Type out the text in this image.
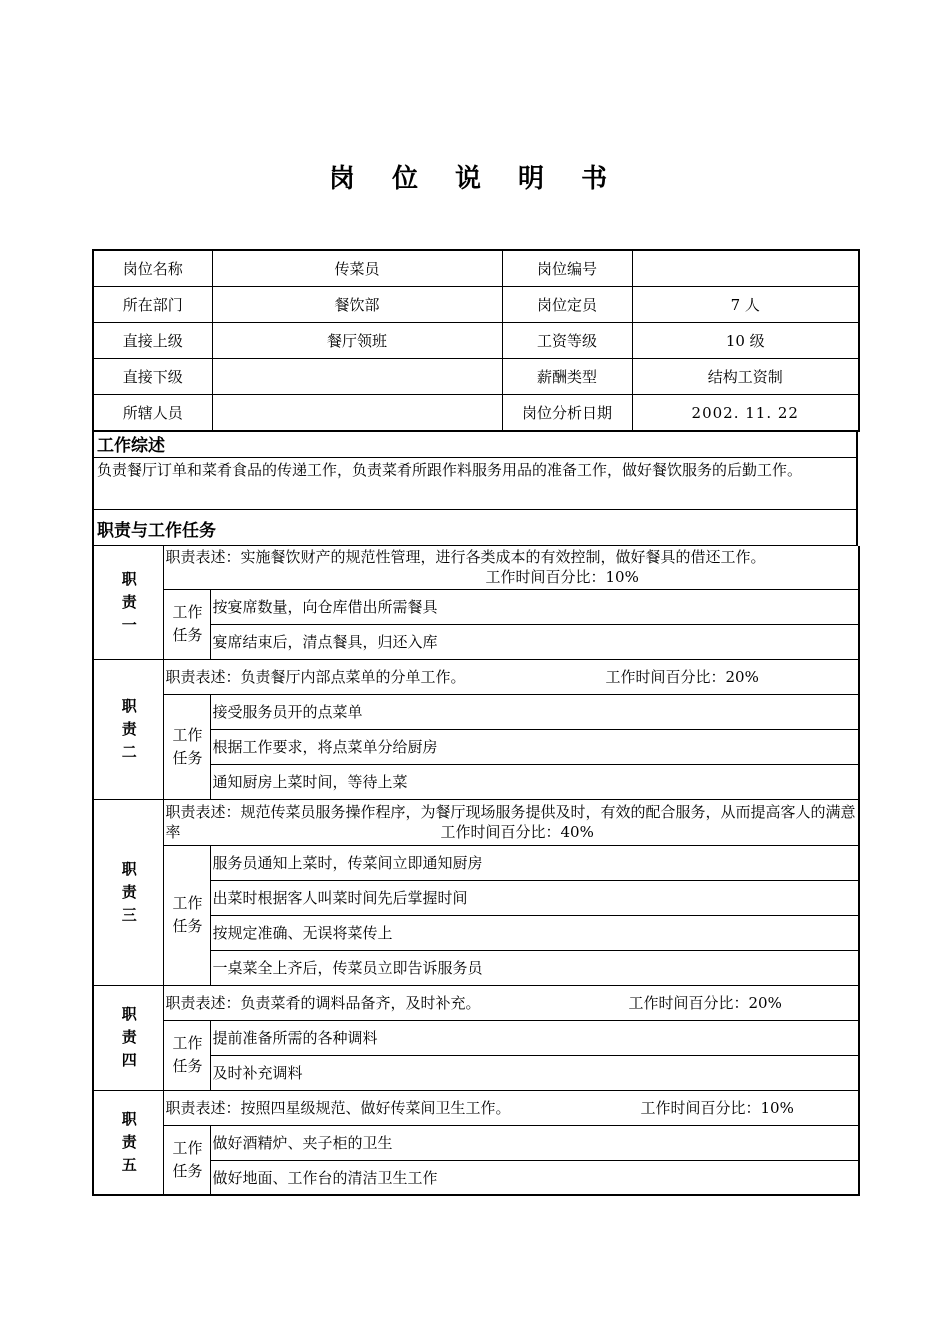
岗 位 说 明 书
岗位名称	传菜员	岗位编号	
所在部门	餐饮部	岗位定员	7 人
直接上级	餐厅领班	工资等级	10 级
直接下级		薪酬类型	结构工资制
所辖人员		岗位分析日期	2002. 11. 22
工作综述
负责餐厅订单和菜肴食品的传递工作，负责菜肴所跟作料服务用品的准备工作，做好餐饮服务的后勤工作。
职责与工作任务
职责一	职责表述：实施餐饮财产的规范性管理，进行各类成本的有效控制，做好餐具的借还工作。
工作时间百分比：10%	

	工作任务	按宴席数量，向仓库借出所需餐具
		宴席结束后，清点餐具，归还入库
职责二	职责表述：负责餐厅内部点菜单的分单工作。 工作时间百分比：20%	
	工作任务	接受服务员开的点菜单
		根据工作要求，将点菜单分给厨房
		通知厨房上菜时间，等待上菜
职责三	职责表述：规范传菜员服务操作程序，为餐厅现场服务提供及时，有效的配合服务，从而提高客人的满意率 工作时间百分比：40%	
	工作任务	服务员通知上菜时，传菜间立即通知厨房
		出菜时根据客人叫菜时间先后掌握时间
		按规定准确、无误将菜传上
		一桌菜全上齐后，传菜员立即告诉服务员
职责四	职责表述：负责菜肴的调料品备齐，及时补充。 工作时间百分比：20%	
	工作任务	提前准备所需的各种调料
		及时补充调料
职责五	职责表述：按照四星级规范、做好传菜间卫生工作。 工作时间百分比：10%	
	工作任务	做好酒精炉、夹子柜的卫生
		做好地面、工作台的清洁卫生工作
